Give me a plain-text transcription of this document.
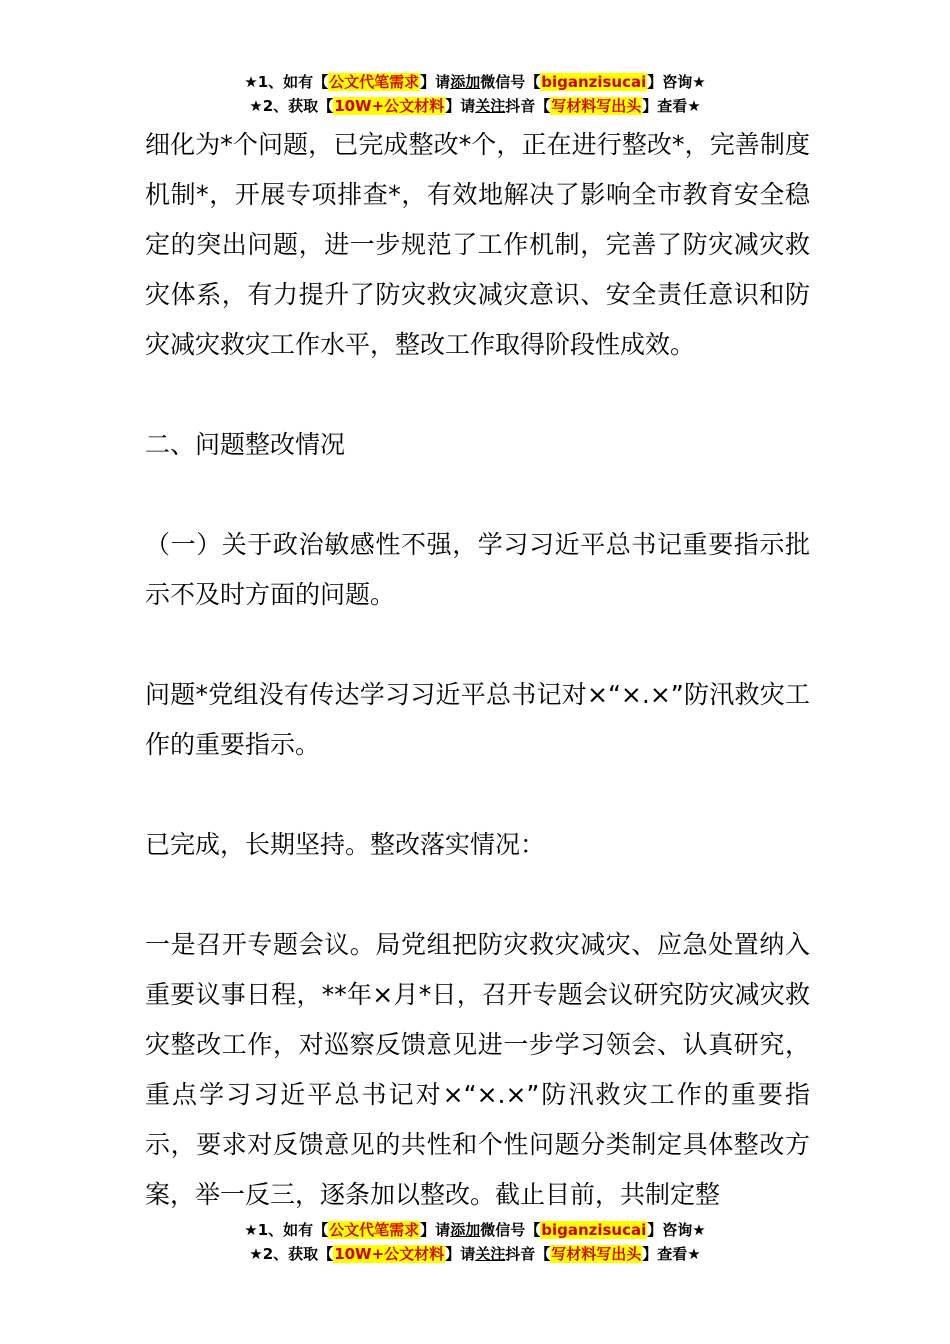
★1、如有【公文代笔需求】请添加微信号【biganzisucai】咨询★
★2、获取【10W+公文材料】请关注抖音【写材料写出头】查看★

细化为*个问题，已完成整改*个，正在进行整改*，完善制度机制*，开展专项排查*，有效地解决了影响全市教育安全稳定的突出问题，进一步规范了工作机制，完善了防灾减灾救灾体系，有力提升了防灾救灾减灾意识、安全责任意识和防灾减灾救灾工作水平，整改工作取得阶段性成效。

二、问题整改情况

（一）关于政治敏感性不强，学习习近平总书记重要指示批示不及时方面的问题。

问题*党组没有传达学习习近平总书记对×“×.×”防汛救灾工作的重要指示。

已完成，长期坚持。整改落实情况：

一是召开专题会议。局党组把防灾救灾减灾、应急处置纳入重要议事日程，**年×月*日，召开专题会议研究防灾减灾救灾整改工作，对巡察反馈意见进一步学习领会、认真研究，重点学习习近平总书记对×“×.×”防汛救灾工作的重要指示，要求对反馈意见的共性和个性问题分类制定具体整改方案，举一反三，逐条加以整改。截止目前，共制定整

★1、如有【公文代笔需求】请添加微信号【biganzisucai】咨询★
★2、获取【10W+公文材料】请关注抖音【写材料写出头】查看★
